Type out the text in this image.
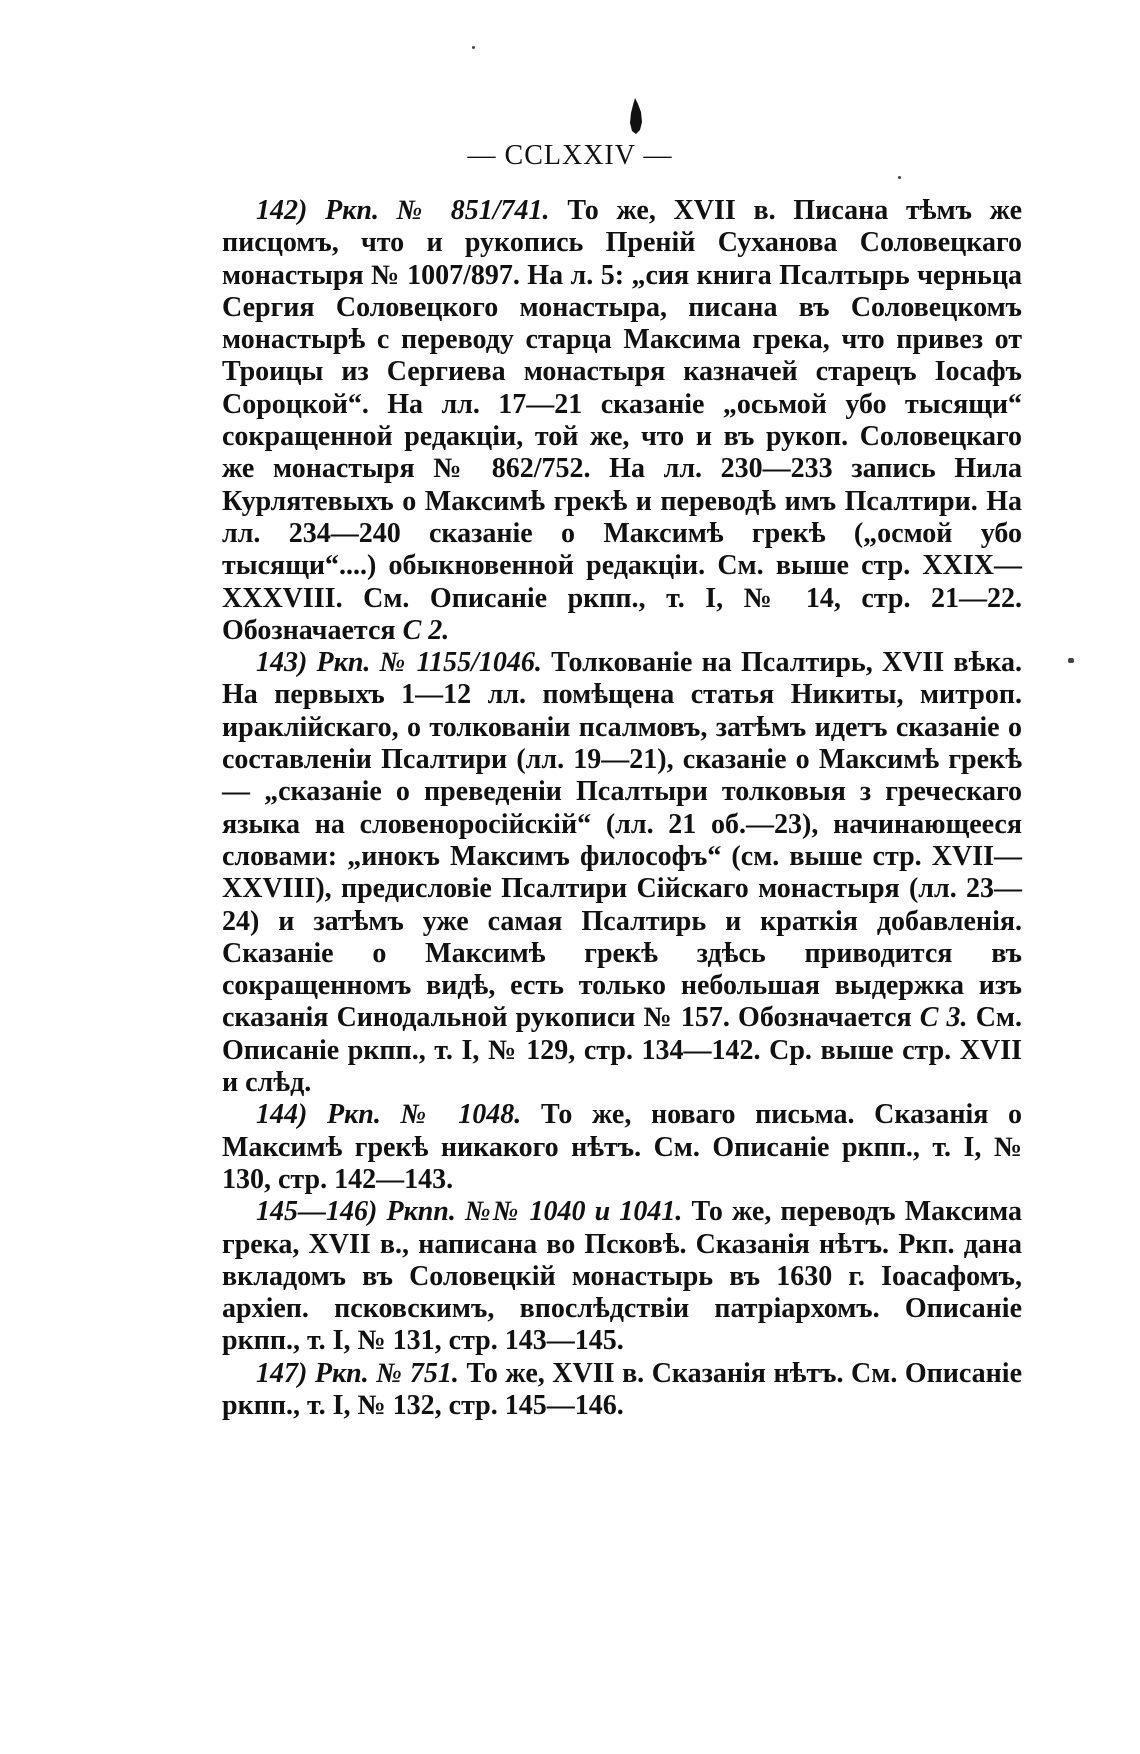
— CCLXXIV —

142) Ркп. № 851/741. То же, XVII в. Писана тѣмъ же писцомъ, что и рукопись Преній Суханова Соловецкаго монастыря № 1007/897. На л. 5: „сия книга Псалтырь черньца Сергия Соловецкого монастыра, писана въ Соловецкомъ монастырѣ с переводу старца Максима грека, что привез от Троицы из Сергиева монастыря казначей старецъ Іосафъ Сороцкой“. На лл. 17—21 сказаніе „осьмой убо тысящи“ сокращенной редакціи, той же, что и въ рукоп. Соловецкаго же монастыря № 862/752. На лл. 230—233 запись Нила Курлятевыхъ о Максимѣ грекѣ и переводѣ имъ Псалтири. На лл. 234—240 сказаніе о Максимѣ грекѣ („осмой убо тысящи“....) обыкновенной редакціи. См. выше стр. XXIX—XXXVIII. См. Описаніе ркпп., т. I, № 14, стр. 21—22. Обозначается С 2.

143) Ркп. № 1155/1046. Толкованіе на Псалтирь, XVII вѣка. На первыхъ 1—12 лл. помѣщена статья Никиты, митроп. ираклійскаго, о толкованіи псалмовъ, затѣмъ идетъ сказаніе о составленіи Псалтири (лл. 19—21), сказаніе о Максимѣ грекѣ — „сказаніе о преведеніи Псалтыри толковыя з греческаго языка на словеноросійскій“ (лл. 21 об.—23), начинающееся словами: „инокъ Максимъ философъ“ (см. выше стр. XVII—XXVIII), предисловіе Псалтири Сійскаго монастыря (лл. 23—24) и затѣмъ уже самая Псалтирь и краткія добавленія. Сказаніе о Максимѣ грекѣ здѣсь приводится въ сокращенномъ видѣ, есть только небольшая выдержка изъ сказанія Синодальной рукописи № 157. Обозначается С 3. См. Описаніе ркпп., т. I, № 129, стр. 134—142. Ср. выше стр. XVII и слѣд.

144) Ркп. № 1048. То же, новаго письма. Сказанія о Максимѣ грекѣ никакого нѣтъ. См. Описаніе ркпп., т. I, № 130, стр. 142—143.

145—146) Ркпп. №№ 1040 и 1041. То же, переводъ Максима грека, XVII в., написана во Псковѣ. Сказанія нѣтъ. Ркп. дана вкладомъ въ Соловецкій монастырь въ 1630 г. Іоасафомъ, архіеп. псковскимъ, впослѣдствіи патріархомъ. Описаніе ркпп., т. I, № 131, стр. 143—145.

147) Ркп. № 751. То же, XVII в. Сказанія нѣтъ. См. Описаніе ркпп., т. I, № 132, стр. 145—146.
